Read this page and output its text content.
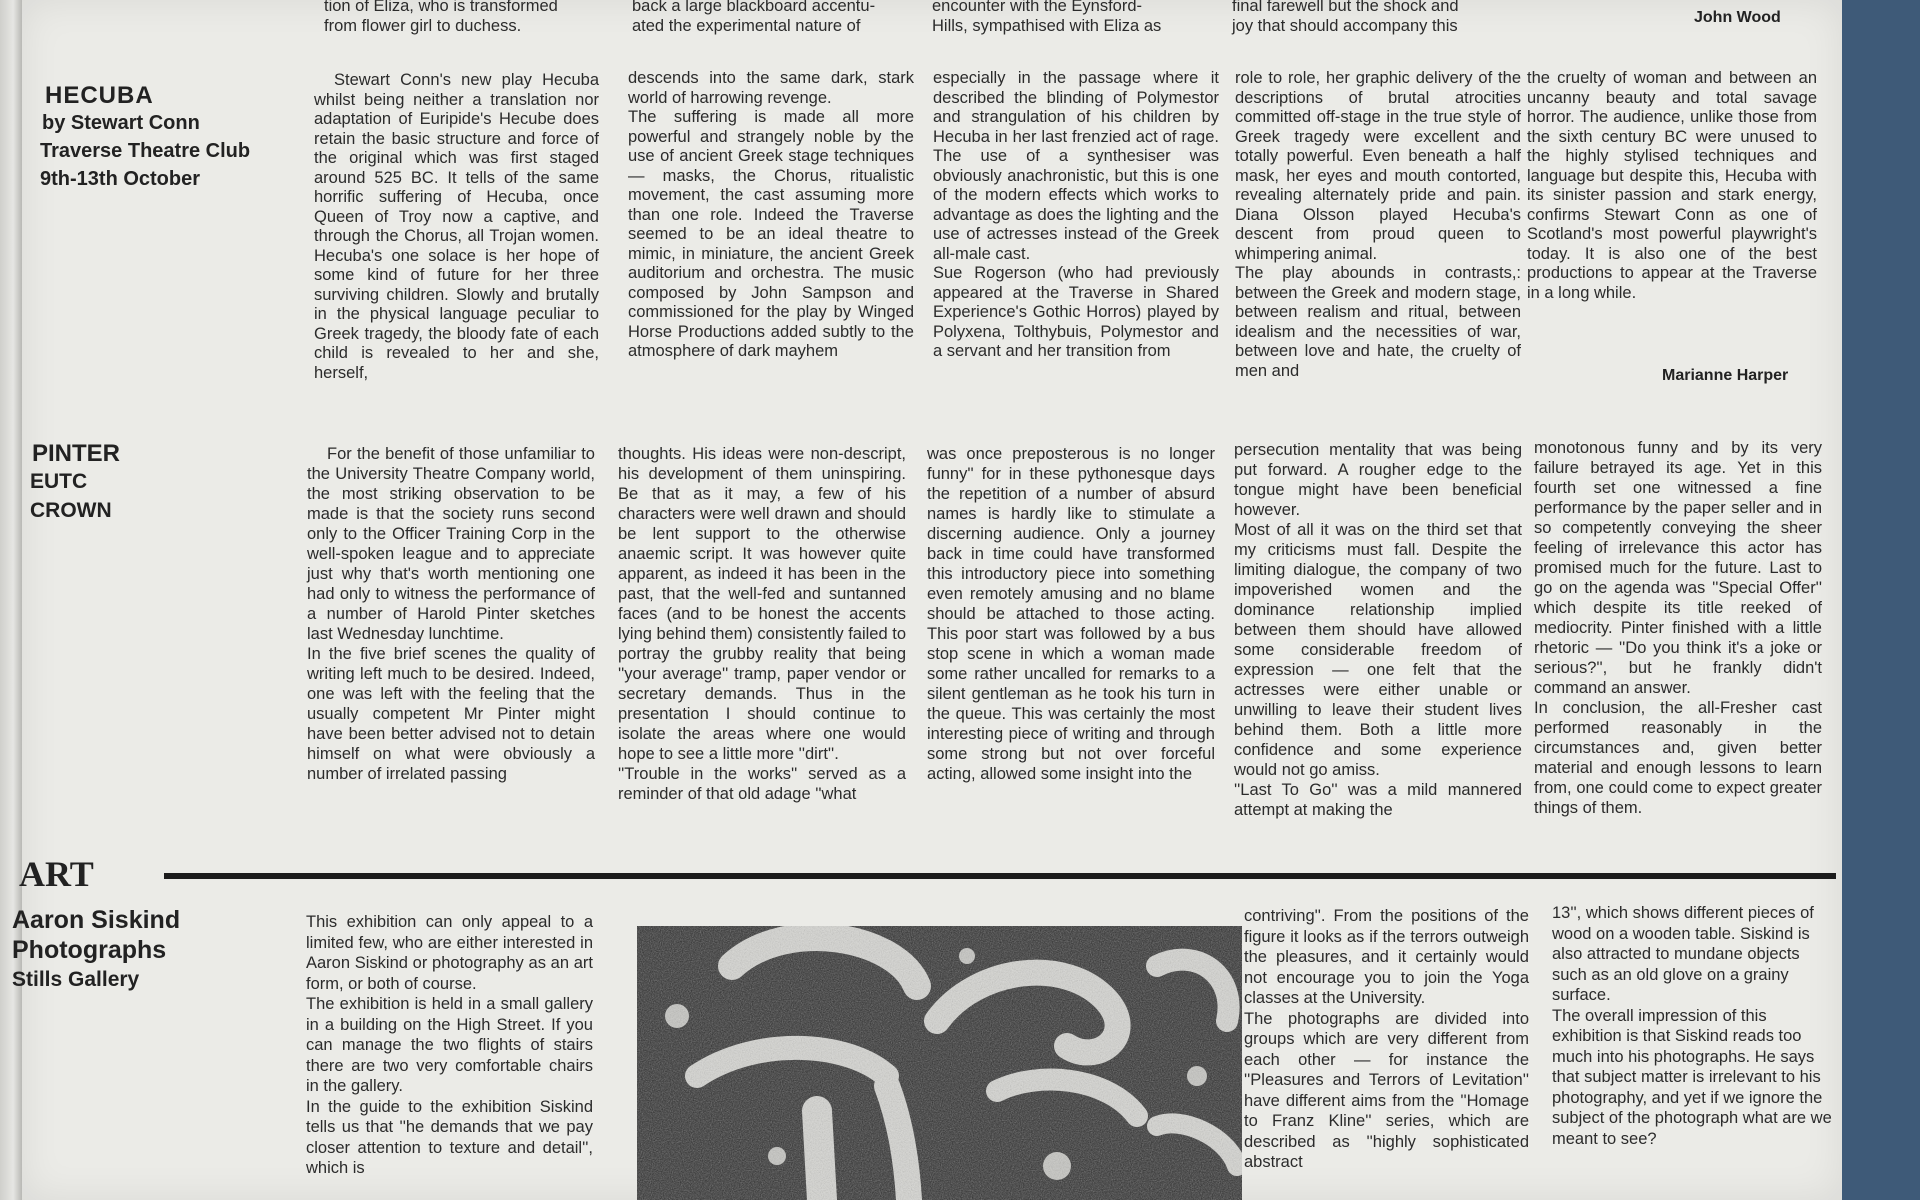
tion of Eliza, who is transformed
from flower girl to duchess.

back a large blackboard accentu-
ated the experimental nature of

encounter with the Eynsford-
Hills, sympathised with Eliza as

final farewell but the shock and
joy that should accompany this	John Wood

HECUBA

by Stewart Conn

Traverse Theatre Club

9th-13th October

Stewart Conn's new play Hecuba whilst being neither a translation nor adaptation of Euripide's Hecube does retain the basic structure and force of the original which was first staged around 525 BC. It tells of the same horrific suffering of Hecuba, once Queen of Troy now a captive, and through the Chorus, all Trojan women. Hecuba's one solace is her hope of some kind of future for her three surviving children. Slowly and brutally in the physical language peculiar to Greek tragedy, the bloody fate of each child is revealed to her and she, herself,

descends into the same dark, stark world of harrowing revenge.
The suffering is made all more powerful and strangely noble by the use of ancient Greek stage techniques — masks, the Chorus, ritualistic movement, the cast assuming more than one role. Indeed the Traverse seemed to be an ideal theatre to mimic, in miniature, the ancient Greek auditorium and orchestra. The music composed by John Sampson and commissioned for the play by Winged Horse Productions added subtly to the atmosphere of dark mayhem

especially in the passage where it described the blinding of Polymestor and strangulation of his children by Hecuba in her last frenzied act of rage. The use of a synthesiser was obviously anachronistic, but this is one of the modern effects which works to advantage as does the lighting and the use of actresses instead of the Greek all-male cast.
Sue Rogerson (who had previously appeared at the Traverse in Shared Experience's Gothic Horros) played by Polyxena, Tolthybuis, Polymestor and a servant and her transition from

role to role, her graphic delivery of the descriptions of brutal atrocities committed off-stage in the true style of Greek tragedy were excellent and totally powerful. Even beneath a half mask, her eyes and mouth contorted, revealing alternately pride and pain. Diana Olsson played Hecuba's descent from proud queen to whimpering animal.
The play abounds in contrasts,: between the Greek and modern stage, between realism and ritual, between idealism and the necessities of war, between love and hate, the cruelty of men and

the cruelty of woman and between an uncanny beauty and total savage horror. The audience, unlike those from the sixth century BC were unused to the highly stylised techniques and language but despite this, Hecuba with its sinister passion and stark energy, confirms Stewart Conn as one of Scotland's most powerful playwright's today. It is also one of the best productions to appear at the Traverse in a long while.

Marianne Harper

PINTER

EUTC

CROWN

For the benefit of those unfamiliar to the University Theatre Company world, the most striking observation to be made is that the society runs second only to the Officer Training Corp in the well-spoken league and to appreciate just why that's worth mentioning one had only to witness the performance of a number of Harold Pinter sketches last Wednesday lunchtime.
In the five brief scenes the quality of writing left much to be desired. Indeed, one was left with the feeling that the usually competent Mr Pinter might have been better advised not to detain himself on what were obviously a number of irrelated passing

thoughts. His ideas were non-descript, his development of them uninspiring. Be that as it may, a few of his characters were well drawn and should be lent support to the otherwise anaemic script. It was however quite apparent, as indeed it has been in the past, that the well-fed and suntanned faces (and to be honest the accents lying behind them) consistently failed to portray the grubby reality that being ''your average'' tramp, paper vendor or secretary demands. Thus in the presentation I should continue to isolate the areas where one would hope to see a little more ''dirt''.
''Trouble in the works'' served as a reminder of that old adage ''what

was once preposterous is no longer funny'' for in these pythonesque days the repetition of a number of absurd names is hardly like to stimulate a discerning audience. Only a journey back in time could have transformed this introductory piece into something even remotely amusing and no blame should be attached to those acting. This poor start was followed by a bus stop scene in which a woman made some rather uncalled for remarks to a silent gentleman as he took his turn in the queue. This was certainly the most interesting piece of writing and through some strong but not over forceful acting, allowed some insight into the

persecution mentality that was being put forward. A rougher edge to the tongue might have been beneficial however.
Most of all it was on the third set that my criticisms must fall. Despite the limiting dialogue, the company of two impoverished women and the dominance relationship implied between them should have allowed some considerable freedom of expression — one felt that the actresses were either unable or unwilling to leave their student lives behind them. Both a little more confidence and some experience would not go amiss.
''Last To Go'' was a mild mannered attempt at making the

monotonous funny and by its very failure betrayed its age. Yet in this fourth set one witnessed a fine performance by the paper seller and in so competently conveying the sheer feeling of irrelevance this actor has promised much for the future. Last to go on the agenda was ''Special Offer'' which despite its title reeked of mediocrity. Pinter finished with a little rhetoric — ''Do you think it's a joke or serious?'', but he frankly didn't command an answer.
In conclusion, the all-Fresher cast performed reasonably in the circumstances and, given better material and enough lessons to learn from, one could come to expect greater things of them.

ART

Aaron Siskind

Photographs

Stills Gallery

This exhibition can only appeal to a limited few, who are either interested in Aaron Siskind or photography as an art form, or both of course.
The exhibition is held in a small gallery in a building on the High Street. If you can manage the two flights of stairs there are two very comfortable chairs in the gallery.
In the guide to the exhibition Siskind tells us that ''he demands that we pay closer attention to texture and detail'', which is

contriving''. From the positions of the figure it looks as if the terrors outweigh the pleasures, and it certainly would not encourage you to join the Yoga classes at the University.
The photographs are divided into groups which are very different from each other — for instance the ''Pleasures and Terrors of Levitation'' have different aims from the ''Homage to Franz Kline'' series, which are described as ''highly sophisticated abstract

13'', which shows different pieces of wood on a wooden table. Siskind is also attracted to mundane objects such as an old glove on a grainy surface.
The overall impression of this exhibition is that Siskind reads too much into his photographs. He says that subject matter is irrelevant to his photography, and yet if we ignore the subject of the photograph what are we meant to see?
